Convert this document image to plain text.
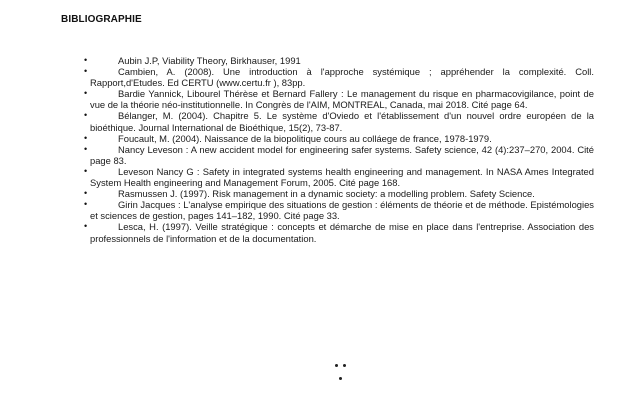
BIBLIOGRAPHIE
•	Aubin J.P, Viability Theory, Birkhauser, 1991
•	Cambien, A. (2008). Une introduction à l'approche systémique ; appréhender la complexité. Coll. Rapport,d'Etudes. Ed CERTU (www.certu.fr ), 83pp.
•	Bardie Yannick, Libourel Thérèse et Bernard Fallery : Le management du risque en pharmacovigilance, point de vue de la théorie néo-institutionnelle. In Congrès de l'AIM, MONTREAL, Canada, mai 2018. Cité page 64.
•	Bélanger, M. (2004). Chapitre 5. Le système d'Oviedo et l'établissement d'un nouvel ordre européen de la bioéthique. Journal International de Bioéthique, 15(2), 73-87.
•	Foucault, M. (2004). Naissance de la biopolitique cours au colláege de france, 1978-1979.
•	Nancy Leveson : A new accident model for engineering safer systems. Safety science, 42 (4):237–270, 2004. Cité page 83.
•	Leveson Nancy G : Safety in integrated systems health engineering and management. In NASA Ames Integrated System Health engineering and Management Forum, 2005. Cité page 168.
•	Rasmussen J. (1997). Risk management in a dynamic society: a modelling problem. Safety Science.
•	Girin Jacques : L'analyse empirique des situations de gestion : éléments de théorie et de méthode. Epistémologies et sciences de gestion, pages 141–182, 1990. Cité page 33.
•	Lesca, H. (1997). Veille stratégique : concepts et démarche de mise en place dans l'entreprise. Association des professionnels de l'information et de la documentation.
